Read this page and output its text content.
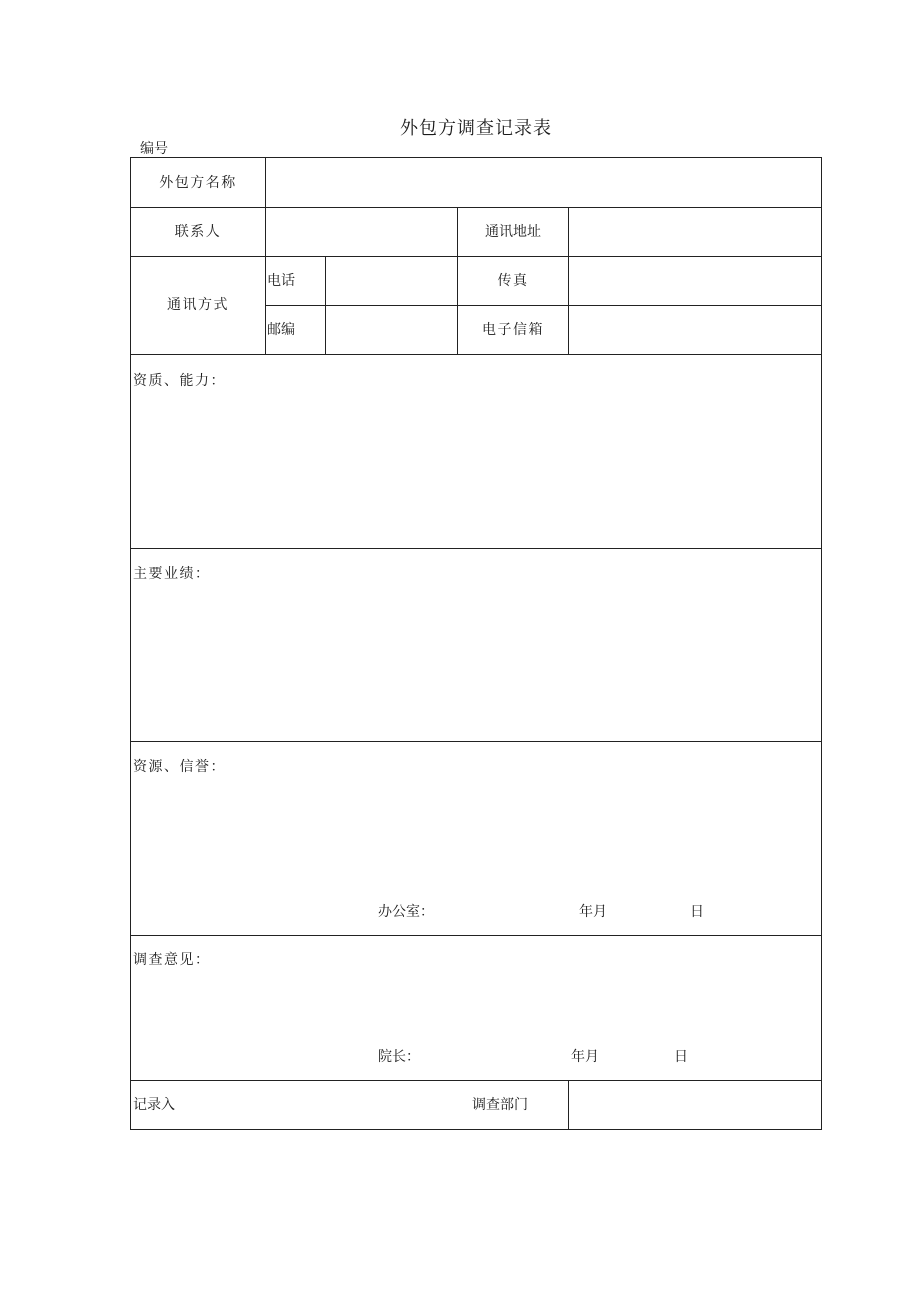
外包方调查记录表
编号
外包方名称
联系人	通讯地址
通讯方式
电话	传真
邮编	电子信箱
资质、能力：
主要业绩：
资源、信誉：
办公室：	年月	日
调查意见：
院长：	年月	日
记录入	调查部门
